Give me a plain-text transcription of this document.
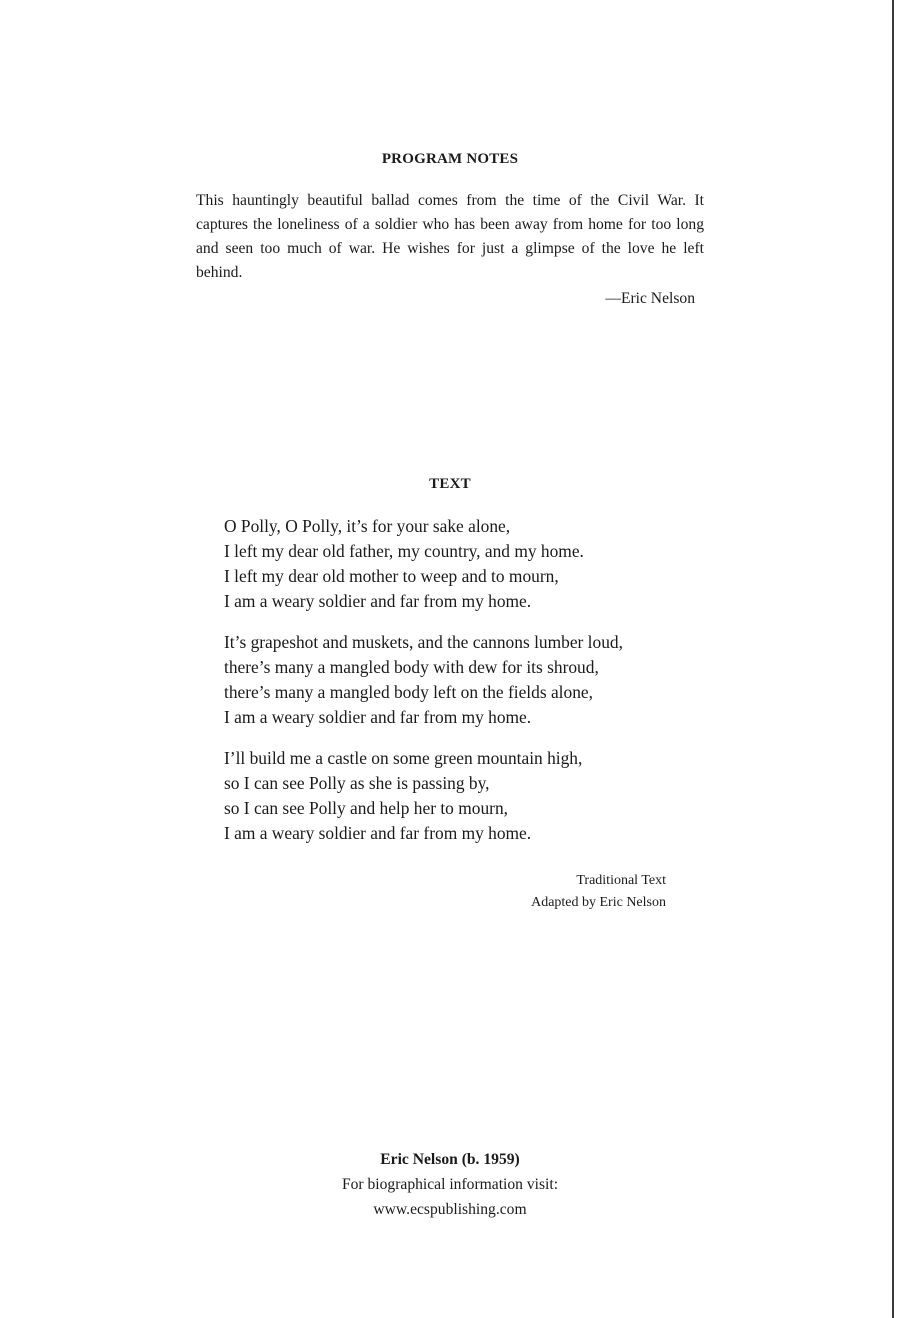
PROGRAM NOTES
This hauntingly beautiful ballad comes from the time of the Civil War. It captures the loneliness of a soldier who has been away from home for too long and seen too much of war. He wishes for just a glimpse of the love he left behind.
—Eric Nelson
TEXT
O Polly, O Polly, it’s for your sake alone,
I left my dear old father, my country, and my home.
I left my dear old mother to weep and to mourn,
I am a weary soldier and far from my home.
It’s grapeshot and muskets, and the cannons lumber loud,
there’s many a mangled body with dew for its shroud,
there’s many a mangled body left on the fields alone,
I am a weary soldier and far from my home.
I’ll build me a castle on some green mountain high,
so I can see Polly as she is passing by,
so I can see Polly and help her to mourn,
I am a weary soldier and far from my home.
Traditional Text
Adapted by Eric Nelson
Eric Nelson (b. 1959)
For biographical information visit:
www.ecspublishing.com
